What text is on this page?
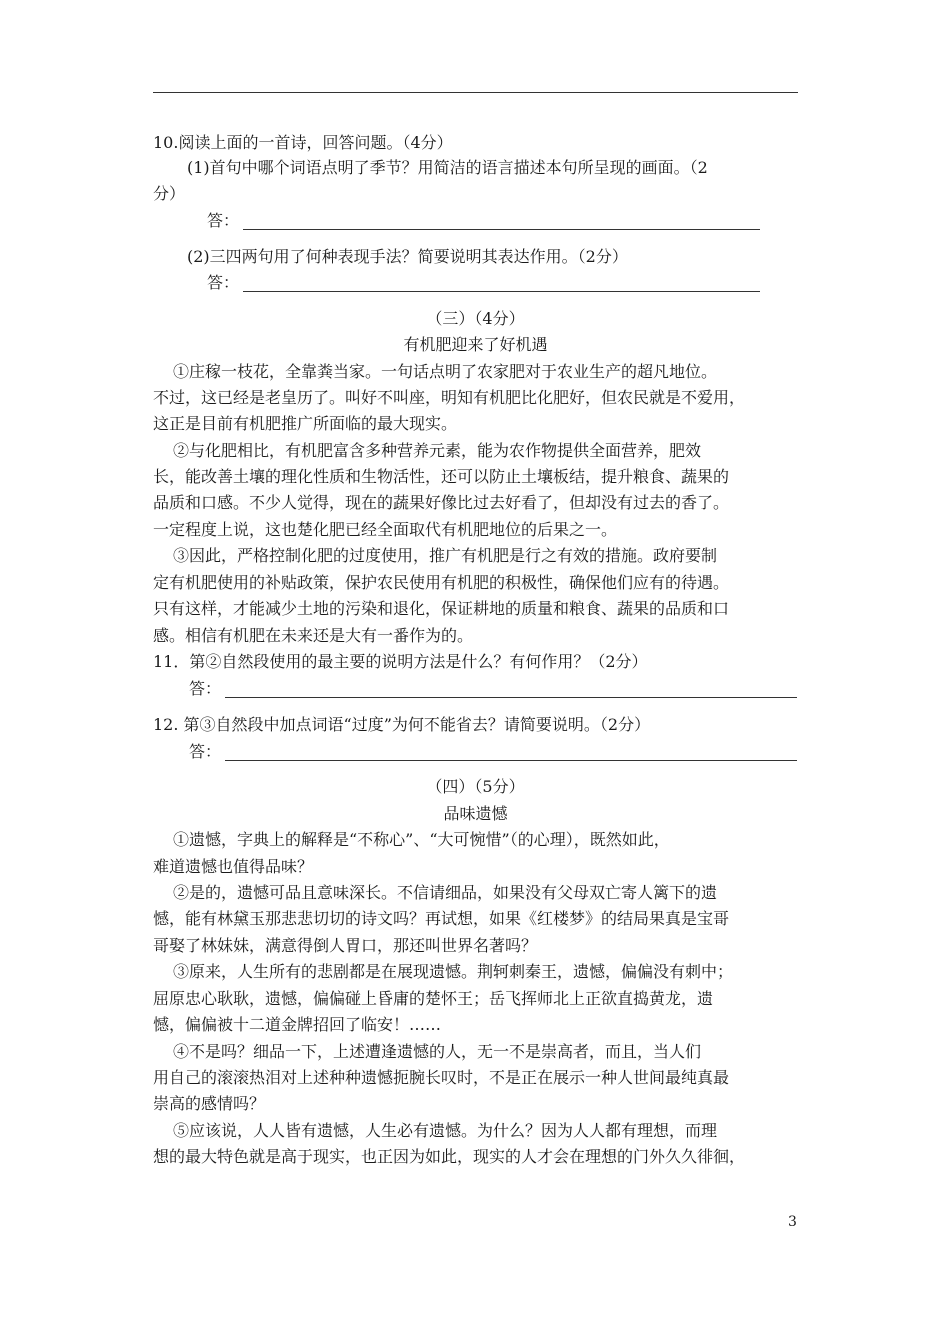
10.阅读上面的一首诗，回答问题。（4分）
(1)首句中哪个词语点明了季节？用简洁的语言描述本句所呈现的画面。（2
分）
答：
(2)三四两句用了何种表现手法？简要说明其表达作用。（2分）
答：
（三）（4分）
有机肥迎来了好机遇
①庄稼一枝花，全靠粪当家。一句话点明了农家肥对于农业生产的超凡地位。
不过，这已经是老皇历了。叫好不叫座，明知有机肥比化肥好，但农民就是不爱用，
这正是目前有机肥推广所面临的最大现实。
②与化肥相比，有机肥富含多种营养元素，能为农作物提供全面营养，肥效
长，能改善土壤的理化性质和生物活性，还可以防止土壤板结，提升粮食、蔬果的
品质和口感。不少人觉得，现在的蔬果好像比过去好看了，但却没有过去的香了。
一定程度上说，这也楚化肥已经全面取代有机肥地位的后果之一。
③因此，严格控制化肥的过度使用，推广有机肥是行之有效的措施。政府要制
定有机肥使用的补贴政策，保护农民使用有机肥的积极性，确保他们应有的待遇。
只有这样，才能减少土地的污染和退化，保证耕地的质量和粮食、蔬果的品质和口
感。相信有机肥在未来还是大有一番作为的。
11．第②自然段使用的最主要的说明方法是什么？有何作用？（2分）
答：
12. 第③自然段中加点词语“过度”为何不能省去？请简要说明。（2分）
答：
（四）（5分）
品味遗憾
①遗憾，字典上的解释是“不称心”、“大可惋惜”（的心理），既然如此，
难道遗憾也值得品味？
②是的，遗憾可品且意味深长。不信请细品，如果没有父母双亡寄人篱下的遗
憾，能有林黛玉那悲悲切切的诗文吗？再试想，如果《红楼梦》的结局果真是宝哥
哥娶了林妹妹，满意得倒人胃口，那还叫世界名著吗？
③原来，人生所有的悲剧都是在展现遗憾。荆轲刺秦王，遗憾，偏偏没有刺中；
屈原忠心耿耿，遗憾，偏偏碰上昏庸的楚怀王；岳飞挥师北上正欲直捣黄龙，遗
憾，偏偏被十二道金牌招回了临安！……
④不是吗？细品一下，上述遭逢遗憾的人，无一不是崇高者，而且，当人们
用自己的滚滚热泪对上述种种遗憾扼腕长叹时，不是正在展示一种人世间最纯真最
崇高的感情吗？
⑤应该说，人人皆有遗憾，人生必有遗憾。为什么？因为人人都有理想，而理
想的最大特色就是高于现实，也正因为如此，现实的人才会在理想的门外久久徘徊，
3
